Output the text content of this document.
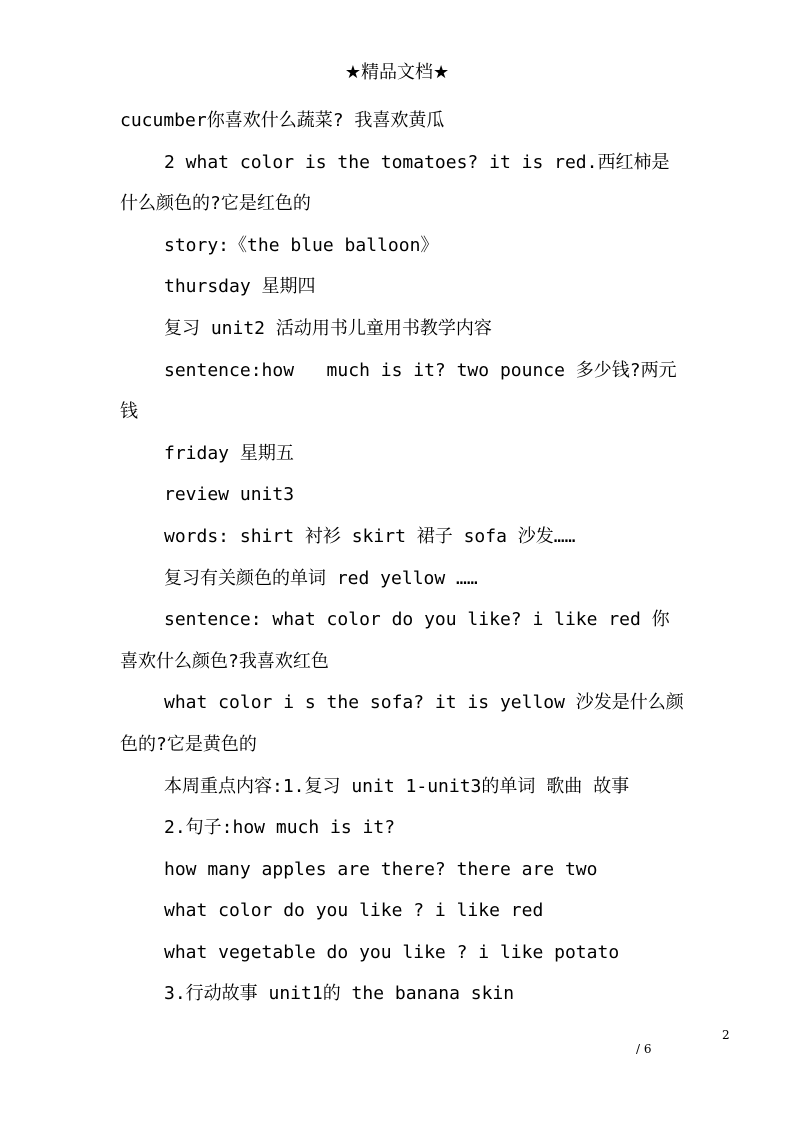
★精品文档★

cucumber你喜欢什么蔬菜? 我喜欢黄瓜

2 what color is the tomatoes? it is red.西红柿是什么颜色的?它是红色的

story:《the blue balloon》

thursday 星期四

复习 unit2 活动用书儿童用书教学内容

sentence:how   much is it? two pounce 多少钱?两元钱

friday 星期五

review unit3

words: shirt 衬衫 skirt 裙子 sofa 沙发……

复习有关颜色的单词 red yellow ……

sentence: what color do you like? i like red 你喜欢什么颜色?我喜欢红色

what color i s the sofa? it is yellow 沙发是什么颜色的?它是黄色的

本周重点内容:1.复习 unit 1-unit3的单词 歌曲 故事

2.句子:how much is it?

how many apples are there? there are two

what color do you like ? i like red

what vegetable do you like ? i like potato

3.行动故事 unit1的 the banana skin

2
/ 6
